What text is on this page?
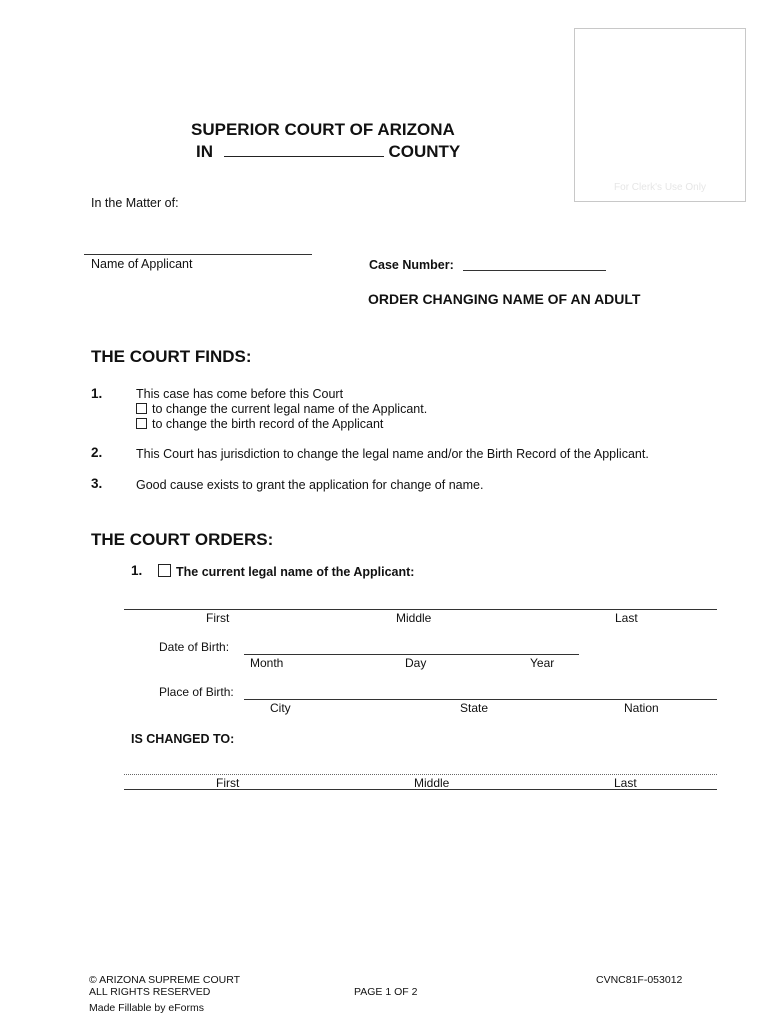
For Clerk's Use Only
SUPERIOR COURT OF ARIZONA
IN	COUNTY
In the Matter of:
Name of Applicant	Case Number:
ORDER CHANGING NAME OF AN ADULT
THE COURT FINDS:
1.	This case has come before this Court
to change the current legal name of the Applicant.
to change the birth record of the Applicant
2.	This Court has jurisdiction to change the legal name and/or the Birth Record of the Applicant.
3.	Good cause exists to grant the application for change of name.
THE COURT ORDERS:
1.	The current legal name of the Applicant:
First	Middle	Last
Date of Birth:
Month	Day	Year
Place of Birth:
City	State	Nation
IS CHANGED TO:
First	Middle	Last
© ARIZONA SUPREME COURT
ALL RIGHTS RESERVED	PAGE 1 OF 2
CVNC81F-053012
Made Fillable by eForms
